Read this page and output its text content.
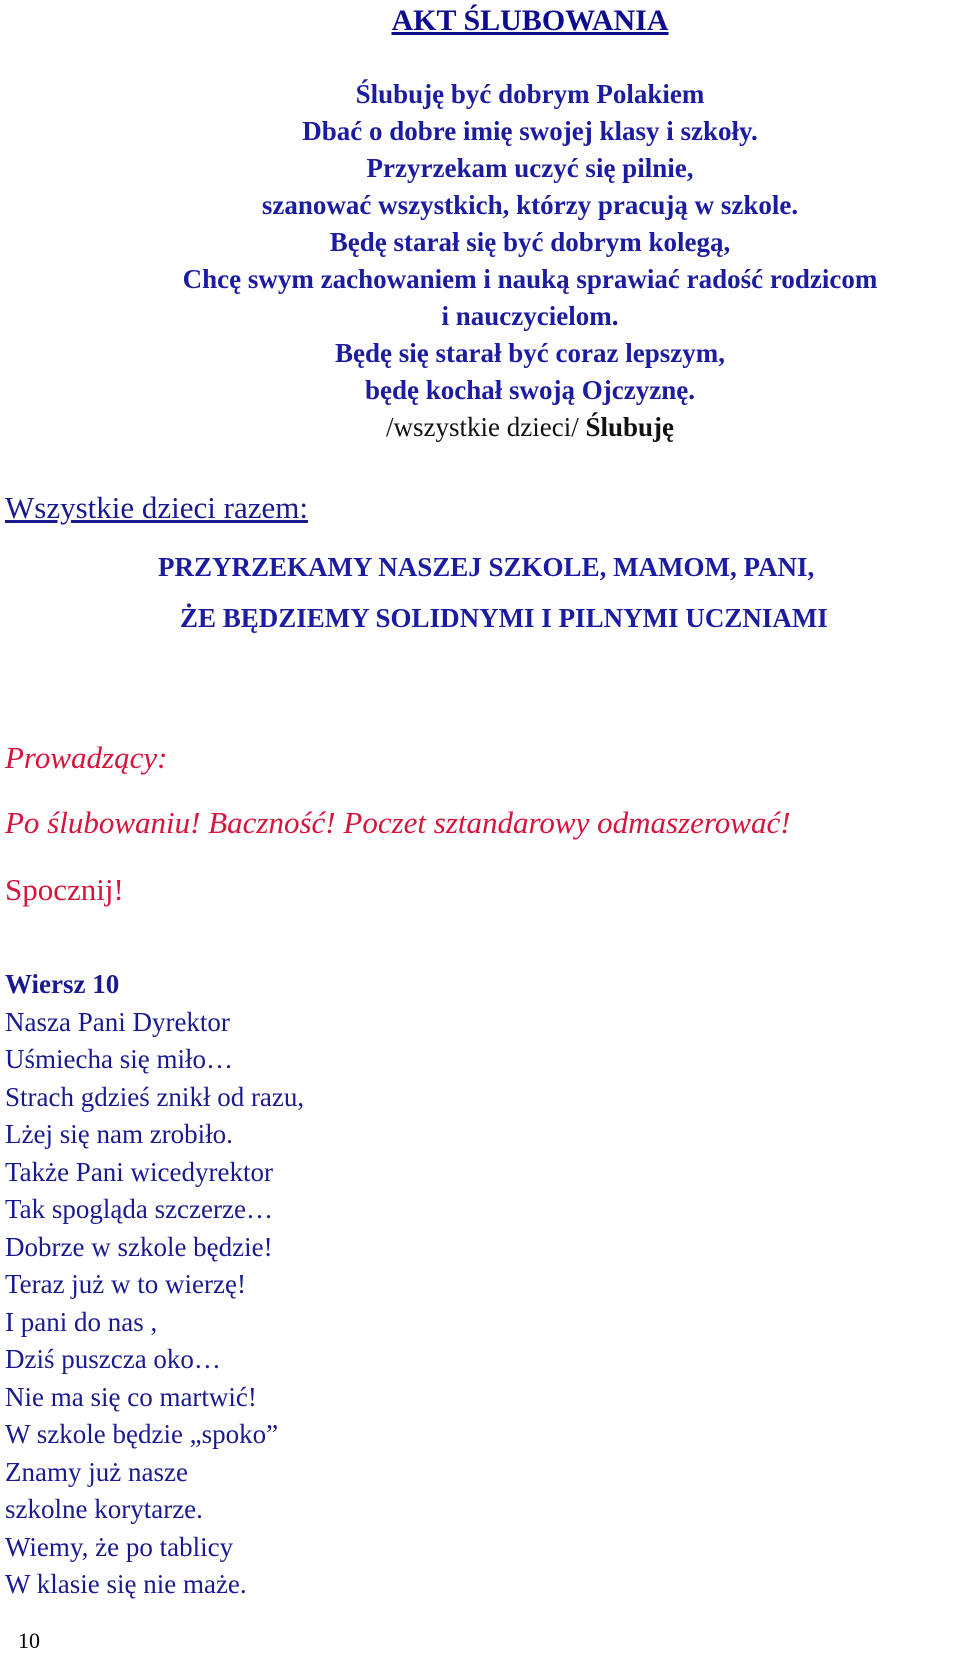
AKT ŚLUBOWANIA
Ślubuję być dobrym Polakiem
Dbać o dobre imię swojej klasy i szkoły.
Przyrzekam uczyć się pilnie,
szanować wszystkich, którzy pracują w szkole.
Będę starał się być dobrym kolegą,
Chcę swym zachowaniem i nauką sprawiać radość rodzicom
i nauczycielom.
Będę się starał być coraz lepszym,
będę kochał swoją Ojczyznę.
/wszystkie dzieci/ Ślubuję
Wszystkie dzieci razem:
PRZYRZEKAMY NASZEJ SZKOLE, MAMOM, PANI,
ŻE BĘDZIEMY SOLIDNYMI I PILNYMI UCZNIAMI
Prowadzący:
Po ślubowaniu! Baczność! Poczet sztandarowy odmaszerować!
Spocznij!
Wiersz 10
Nasza Pani Dyrektor
Uśmiecha się miło…
Strach gdzieś znikł od razu,
Lżej się nam zrobiło.
Także Pani wicedyrektor
Tak spogląda szczerze…
Dobrze w szkole będzie!
Teraz już w to wierzę!
I pani do nas ,
Dziś puszcza oko…
Nie ma się co martwić!
W szkole będzie „spoko”
Znamy już nasze
szkolne korytarze.
Wiemy, że po tablicy
W klasie się nie maże.
10
